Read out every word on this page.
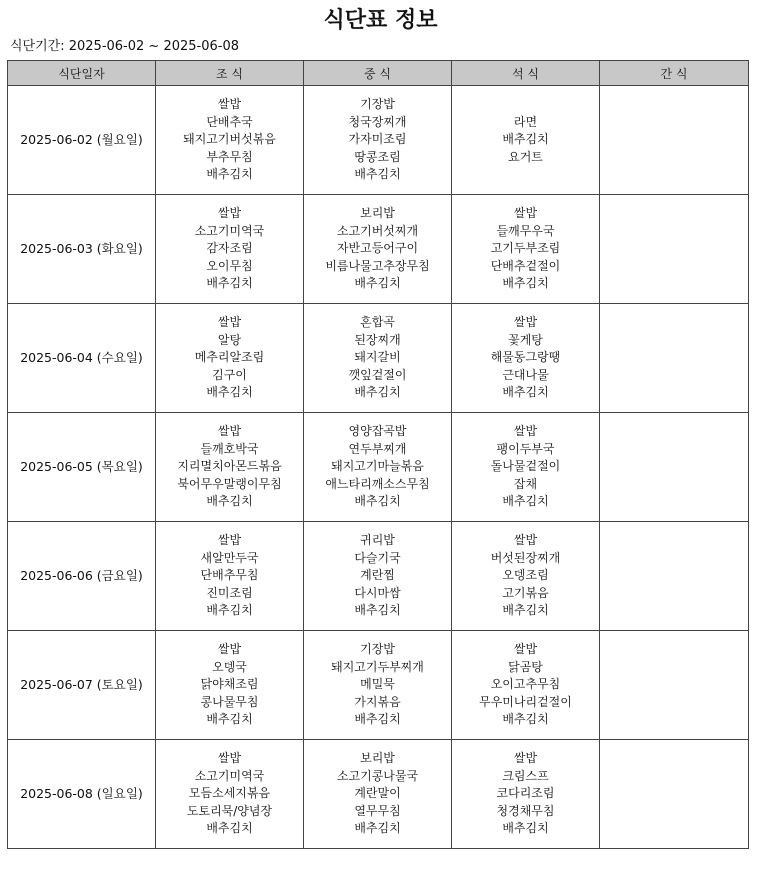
식단표 정보
식단기간: 2025-06-02 ~ 2025-06-08
식단일자	조 식	중 식	석 식	간 식
2025-06-02 (월요일)	쌀밥
단배추국
돼지고기버섯볶음
부추무침
배추김치	기장밥
청국장찌개
가자미조림
땅콩조림
배추김치	라면
배추김치
요거트	

2025-06-03 (화요일)	쌀밥
소고기미역국
감자조림
오이무침
배추김치	보리밥
소고기버섯찌개
자반고등어구이
비름나물고추장무침
배추김치	쌀밥
들깨무우국
고기두부조림
단배추겉절이
배추김치	

2025-06-04 (수요일)	쌀밥
알탕
메추리알조림
김구이
배추김치	혼합곡
된장찌개
돼지갈비
깻잎겉절이
배추김치	쌀밥
꽃게탕
해물동그랑땡
근대나물
배추김치	

2025-06-05 (목요일)	쌀밥
들깨호박국
지리멸치아몬드볶음
북어무우말랭이무침
배추김치	영양잡곡밥
연두부찌개
돼지고기마늘볶음
애느타리깨소스무침
배추김치	쌀밥
팽이두부국
돌나물겉절이
잡채
배추김치	

2025-06-06 (금요일)	쌀밥
새알만두국
단배추무침
진미조림
배추김치	귀리밥
다슬기국
계란찜
다시마쌈
배추김치	쌀밥
버섯된장찌개
오뎅조림
고기볶음
배추김치	

2025-06-07 (토요일)	쌀밥
오뎅국
닭야채조림
콩나물무침
배추김치	기장밥
돼지고기두부찌개
메밀묵
가지볶음
배추김치	쌀밥
닭곰탕
오이고추무침
무우미나리겉절이
배추김치	

2025-06-08 (일요일)	쌀밥
소고기미역국
모듬소세지볶음
도토리묵/양념장
배추김치	보리밥
소고기콩나물국
계란말이
열무무침
배추김치	쌀밥
크림스프
코다리조림
청경채무침
배추김치	
